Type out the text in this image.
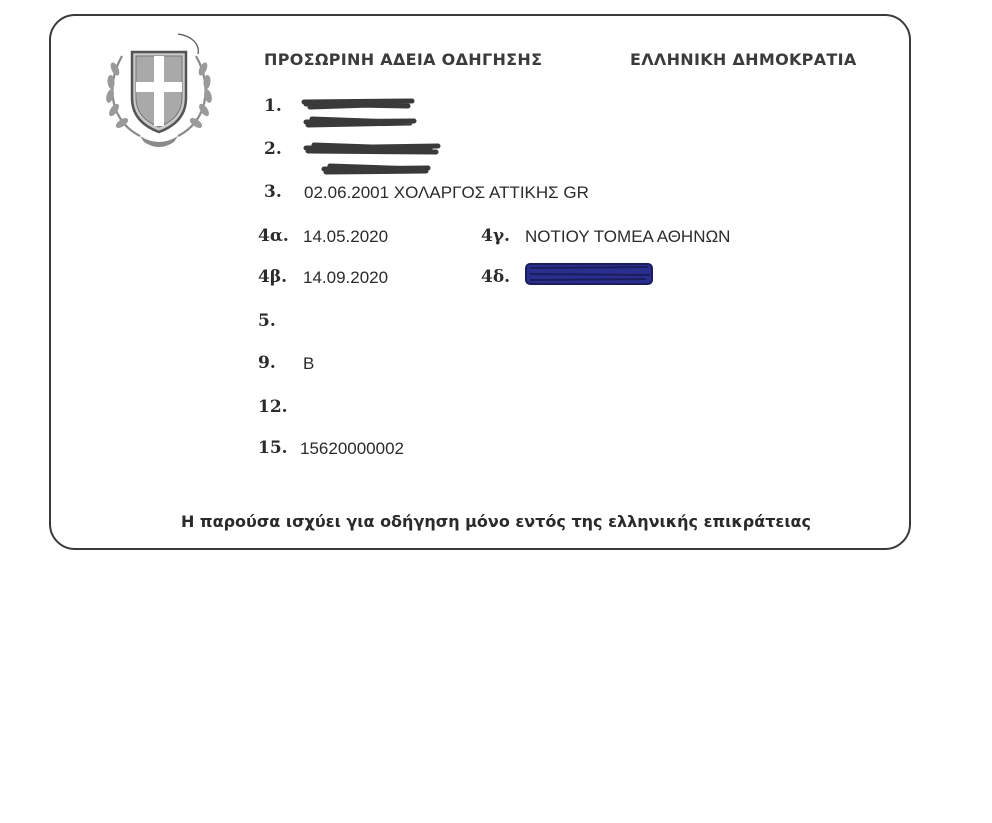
ΠΡΟΣΩΡΙΝΗ ΑΔΕΙΑ ΟΔΗΓΗΣΗΣ	ΕΛΛΗΝΙΚΗ ΔΗΜΟΚΡΑΤΙΑ
1.
2.
3. 02.06.2001 ΧΟΛΑΡΓΟΣ ΑΤΤΙΚΗΣ GR
4α. 14.05.2020	4γ. ΝΟΤΙΟΥ ΤΟΜΕΑ ΑΘΗΝΩΝ
4β. 14.09.2020	4δ.
5.
9. B
12.
15. 15620000002
Η παρούσα ισχύει για οδήγηση μόνο εντός της ελληνικής επικράτειας
